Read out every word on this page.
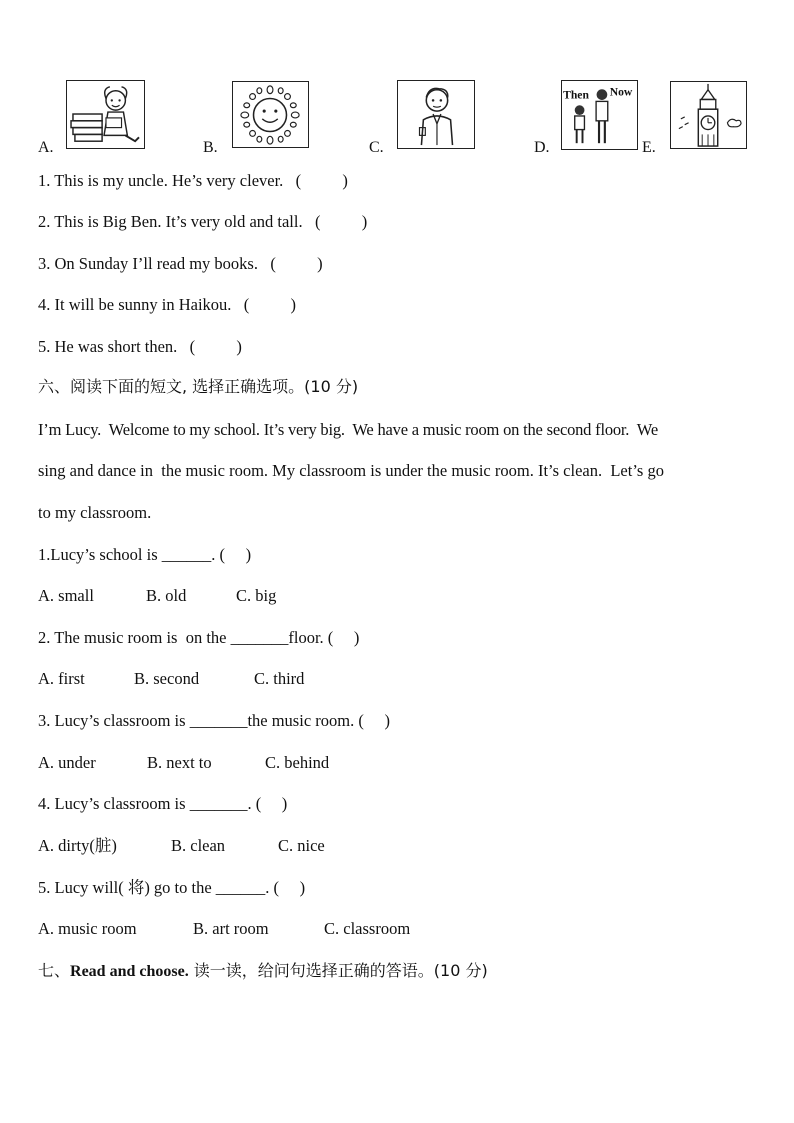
A.	B.	C.	D.
Then Now
E.
1. This is my uncle. He’s very clever.   (          )
2. This is Big Ben. It’s very old and tall.   (          )
3. On Sunday I’ll read my books.   (          )
4. It will be sunny in Haikou.   (          )
5. He was short then.   (          )
六、阅读下面的短文, 选择正确选项。(10 分)
I’m Lucy.  Welcome to my school. It’s very big.  We have a music room on the second floor.  We
sing and dance in  the music room. My classroom is under the music room. It’s clean.  Let’s go
to my classroom.
1.Lucy’s school is ______. (     )
A. small	B. old	C. big
2. The music room is  on the _______floor. (     )
A. first	B. second	C. third
3. Lucy’s classroom is _______the music room. (     )
A. under	B. next to	C. behind
4. Lucy’s classroom is _______. (     )
A. dirty(脏)	B. clean	C. nice
5. Lucy will( 将) go to the ______. (     )
A. music room	B. art room	C. classroom
七、Read and choose. 读一读，给问句选择正确的答语。(10 分)
